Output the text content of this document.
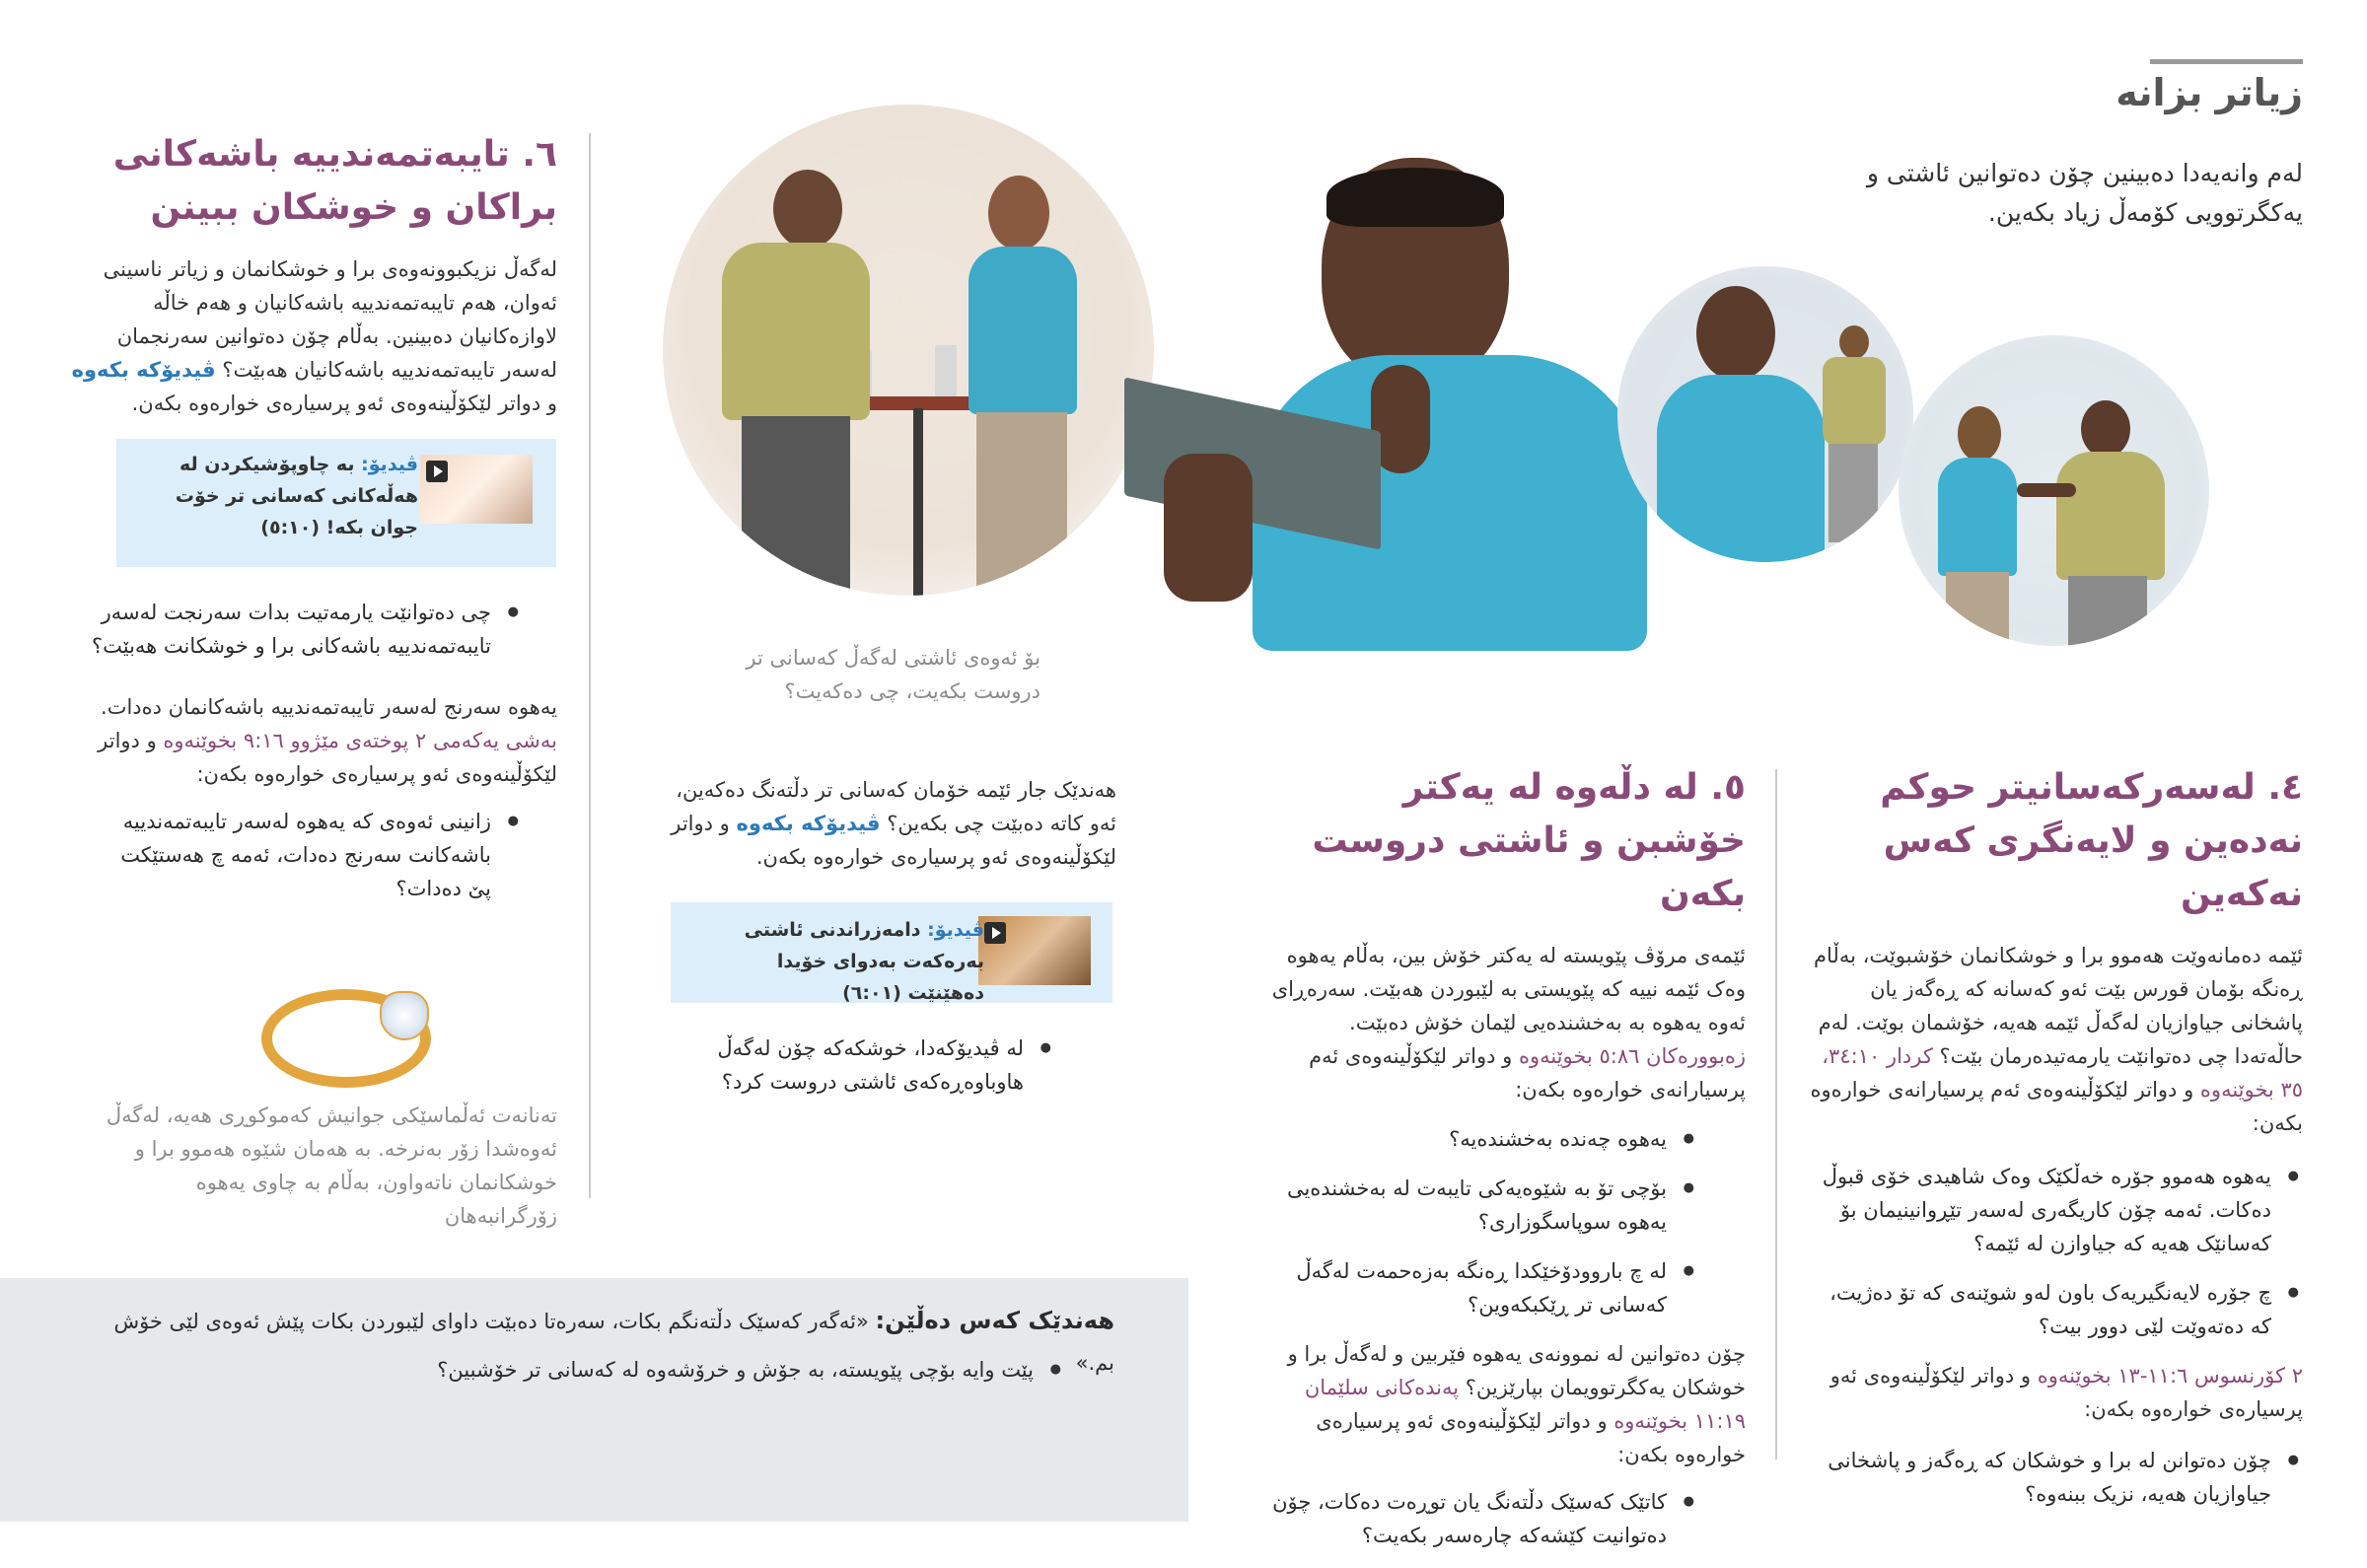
زیاتر بزانە
لەم وانەیەدا دەبینین چۆن دەتوانین ئاشتی و یەکگرتوویی کۆمەڵ زیاد بکەین.
بۆ ئەوەی ئاشتی لەگەڵ کەسانی تر دروست بکەیت، چی دەکەیت؟
٤. لەسەرکەسانیتر حوکم نەدەین و لایەنگری کەس نەکەین
ئێمە دەمانەوێت هەموو برا و خوشکانمان خۆشبوێت، بەڵام ڕەنگە بۆمان قورس بێت ئەو کەسانە کە ڕەگەز یان پاشخانی جیاوازیان لەگەڵ ئێمە هەیە، خۆشمان بوێت. لەم حاڵەتەدا چی دەتوانێت یارمەتیدەرمان بێت؟ کردار ١٠:‏٣٤، ٣٥ بخوێنەوە و دواتر لێکۆڵینەوەی ئەم پرسیارانەی خوارەوە بکەن:
● یەهوە هەموو جۆرە خەڵکێک وەک شاهیدی خۆی قبوڵ دەکات. ئەمە چۆن کاریگەری لەسەر تێڕوانینیمان بۆ کەسانێک هەیە کە جیاوازن لە ئێمە؟
● چ جۆرە لایەنگیریەک باون لەو شوێنەی کە تۆ دەژیت، کە دەتەوێت لێی دوور بیت؟
٢ کۆرنسوس ٦:‏١١-‏١٣ بخوێنەوە و دواتر لێکۆڵینەوەی ئەو پرسیارەی خوارەوە بکەن:
● چۆن دەتوانن لە برا و خوشکان کە ڕەگەز و پاشخانی جیاوازیان هەیە، نزیک ببنەوە؟
٥. لە دڵەوە لە یەکتر خۆشبن و ئاشتی دروست بکەن
ئێمەی مرۆڤ پێویستە لە یەکتر خۆش بین، بەڵام یەهوە وەک ئێمە نییە کە پێویستی بە لێبوردن هەبێت. سەرەڕای ئەوە یەهوە بە بەخشندەیی لێمان خۆش دەبێت. زەبوورەکان ٨٦:‏٥ بخوێنەوە و دواتر لێکۆڵینەوەی ئەم پرسیارانەی خوارەوە بکەن:
● یەهوە چەندە بەخشندەیە؟
● بۆچی تۆ بە شێوەیەکی تایبەت لە بەخشندەیی یەهوە سوپاسگوزاری؟
● لە چ باروودۆخێکدا ڕەنگە بەزەحمەت لەگەڵ کەسانی تر ڕێکبکەوین؟
چۆن دەتوانین لە نموونەی یەهوە فێربین و لەگەڵ برا و خوشکان یەکگرتوویمان بپارێزین؟ پەندەکانی سلێمان ١٩:‏١١ بخوێنەوە و دواتر لێکۆڵینەوەی ئەو پرسیارەی خوارەوە بکەن:
● کاتێک کەسێک دڵتەنگ یان توڕەت دەکات، چۆن دەتوانیت کێشەکە چارەسەر بکەیت؟
هەندێک جار ئێمە خۆمان کەسانی تر دڵتەنگ دەکەین، ئەو کاتە دەبێت چی بکەین؟ ڤیدیۆکە بکەوە و دواتر لێکۆڵینەوەی ئەو پرسیارەی خوارەوە بکەن.
ڤیدیۆ: دامەزراندنی ئاشتی بەرەکەت بەدوای خۆیدا دەهێنێت (٦:٠١)
● لە ڤیدیۆکەدا، خوشکەکە چۆن لەگەڵ هاوباوەڕەکەی ئاشتی دروست کرد؟
٦. تایبەتمەندییە باشەکانی براکان و خوشکان ببینن
لەگەڵ نزیکبوونەوەی برا و خوشکانمان و زیاتر ناسینی ئەوان، هەم تایبەتمەندییە باشەکانیان و هەم خاڵە لاوازەکانیان دەبینین. بەڵام چۆن دەتوانین سەرنجمان لەسەر تایبەتمەندییە باشەکانیان هەبێت؟ ڤیدیۆکە بکەوە و دواتر لێکۆڵینەوەی ئەو پرسیارەی خوارەوە بکەن.
ڤیدیۆ: بە چاوپۆشیکردن لە هەڵەکانی کەسانی تر خۆت جوان بکە! (٥:١٠)
● چی دەتوانێت یارمەتیت بدات سەرنجت لەسەر تایبەتمەندییە باشەکانی برا و خوشکانت هەبێت؟
یەهوە سەرنج لەسەر تایبەتمەندییە باشەکانمان دەدات. بەشی یەکەمی ٢ پوختەی مێژوو ١٦:‏٩ بخوێنەوە و دواتر لێکۆڵینەوەی ئەو پرسیارەی خوارەوە بکەن:
● زانینی ئەوەی کە یەهوە لەسەر تایبەتمەندییە باشەکانت سەرنج دەدات، ئەمە چ هەستێکت پێ دەدات؟
تەنانەت ئەڵماسێکی جوانیش کەموکوڕی هەیە، لەگەڵ ئەوەشدا زۆر بەنرخە. بە هەمان شێوە هەموو برا و خوشکانمان ناتەواون، بەڵام بە چاوی یەهوە زۆرگرانبەهان
هەندێک کەس دەڵێن: «ئەگەر کەسێک دڵتەنگم بکات، سەرەتا دەبێت داوای لێبوردن بکات پێش ئەوەی لێی خۆش بم.»
● پێت وایە بۆچی پێویستە، بە جۆش و خرۆشەوە لە کەسانی تر خۆشبین؟
